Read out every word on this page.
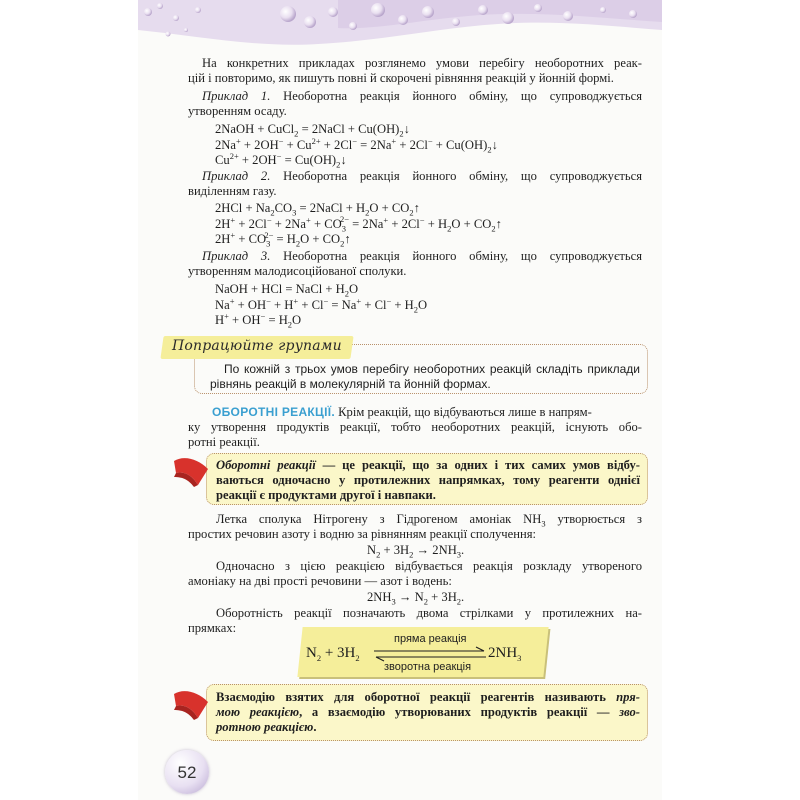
На конкретних прикладах розглянемо умови перебігу необоротних реак-
цій і повторимо, як пишуть повні й скорочені рівняння реакцій у йонній формі.
Приклад 1. Необоротна реакція йонного обміну, що супроводжується
утворенням осаду.
2NaOH + CuCl$_2$ = 2NaCl + $Cu(OH)_2↓$
$2Na^+ + 2OH^- + Cu^{2+} + 2Cl^- = 2Na^+ + 2Cl^-$ + $Cu(OH)_2↓$
$Cu^{2+} + 2OH^-$ = $Cu(OH)_2↓$
Приклад 2. Необоротна реакція йонного обміну, що супроводжується
виділенням газу.
$2HCl + Na_2CO_3$ = 2NaCl + $H_2O$ + $CO_2↑$
$2H^+ + 2Cl^- + 2Na^+ + CO_3^{2-} = 2Na^+ + 2Cl^- + H_2O$ + $CO_2↑$
$2H^+ + CO_3^{2-} = H_2O$ + $CO_2↑$
Приклад 3. Необоротна реакція йонного обміну, що супроводжується
утворенням малодисоційованої сполуки.
NaOH + HCl = NaCl + $H_2O$
$Na^+ + OH^- + H^+ + Cl^- = Na^+ + Cl^- + H_2O$
$H^+ + OH^- = H_2O$
Попрацюйте групами
По кожній з трьох умов перебігу необоротних реакцій складіть приклади
рівнянь реакцій в молекулярній та йонній формах.
ОБОРОТНІ РЕАКЦІЇ. Крім реакцій, що відбуваються лише в напрям-
ку утворення продуктів реакції, тобто необоротних реакцій, існують обо-
ротні реакції.
Оборотні реакції — це реакції, що за одних і тих самих умов відбу-
ваються одночасно у протилежних напрямках, тому реагенти однієї
реакції є продуктами другої і навпаки.
Летка сполука Нітрогену з Гідрогеном амоніак $NH_3$ утворюється з
простих речовин азоту і водню за рівнянням реакції сполучення:
$N_2 + 3H_2 \to 2NH_3$.
Одночасно з цією реакцією відбувається реакція розкладу утвореного
амоніаку на дві прості речовини — азот і водень:
$2NH_3 \to N_2 + 3H_2$.
Оборотність реакції позначають двома стрілками у протилежних на-
прямках:
$N_2 + 3H_2$	$2NH_3$
пряма реакція
зворотна реакція
Взаємодію взятих для оборотної реакції реагентів називають пря-
мою реакцією, а взаємодію утворюваних продуктів реакції — зво-
ротною реакцією.
52
